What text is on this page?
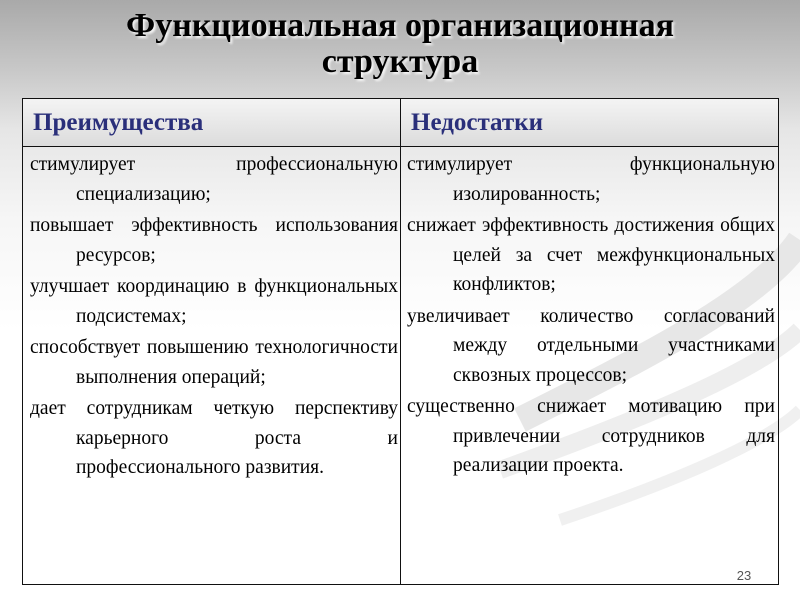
Функциональная организационная
структура
Преимущества	Недостатки

стимулирует профессиональную специализацию;

повышает эффективность использования ресурсов;

улучшает координацию в функциональных подсистемах;

способствует повышению технологичности выполнения операций;

дает сотрудникам четкую перспективу карьерного роста и профессионального развития.

стимулирует функциональную изолированность;

снижает эффективность достижения общих целей за счет межфункциональных конфликтов;

увеличивает количество согласований между отдельными участниками сквозных процессов;

существенно снижает мотивацию при привлечении сотрудников для реализации проекта.

23
